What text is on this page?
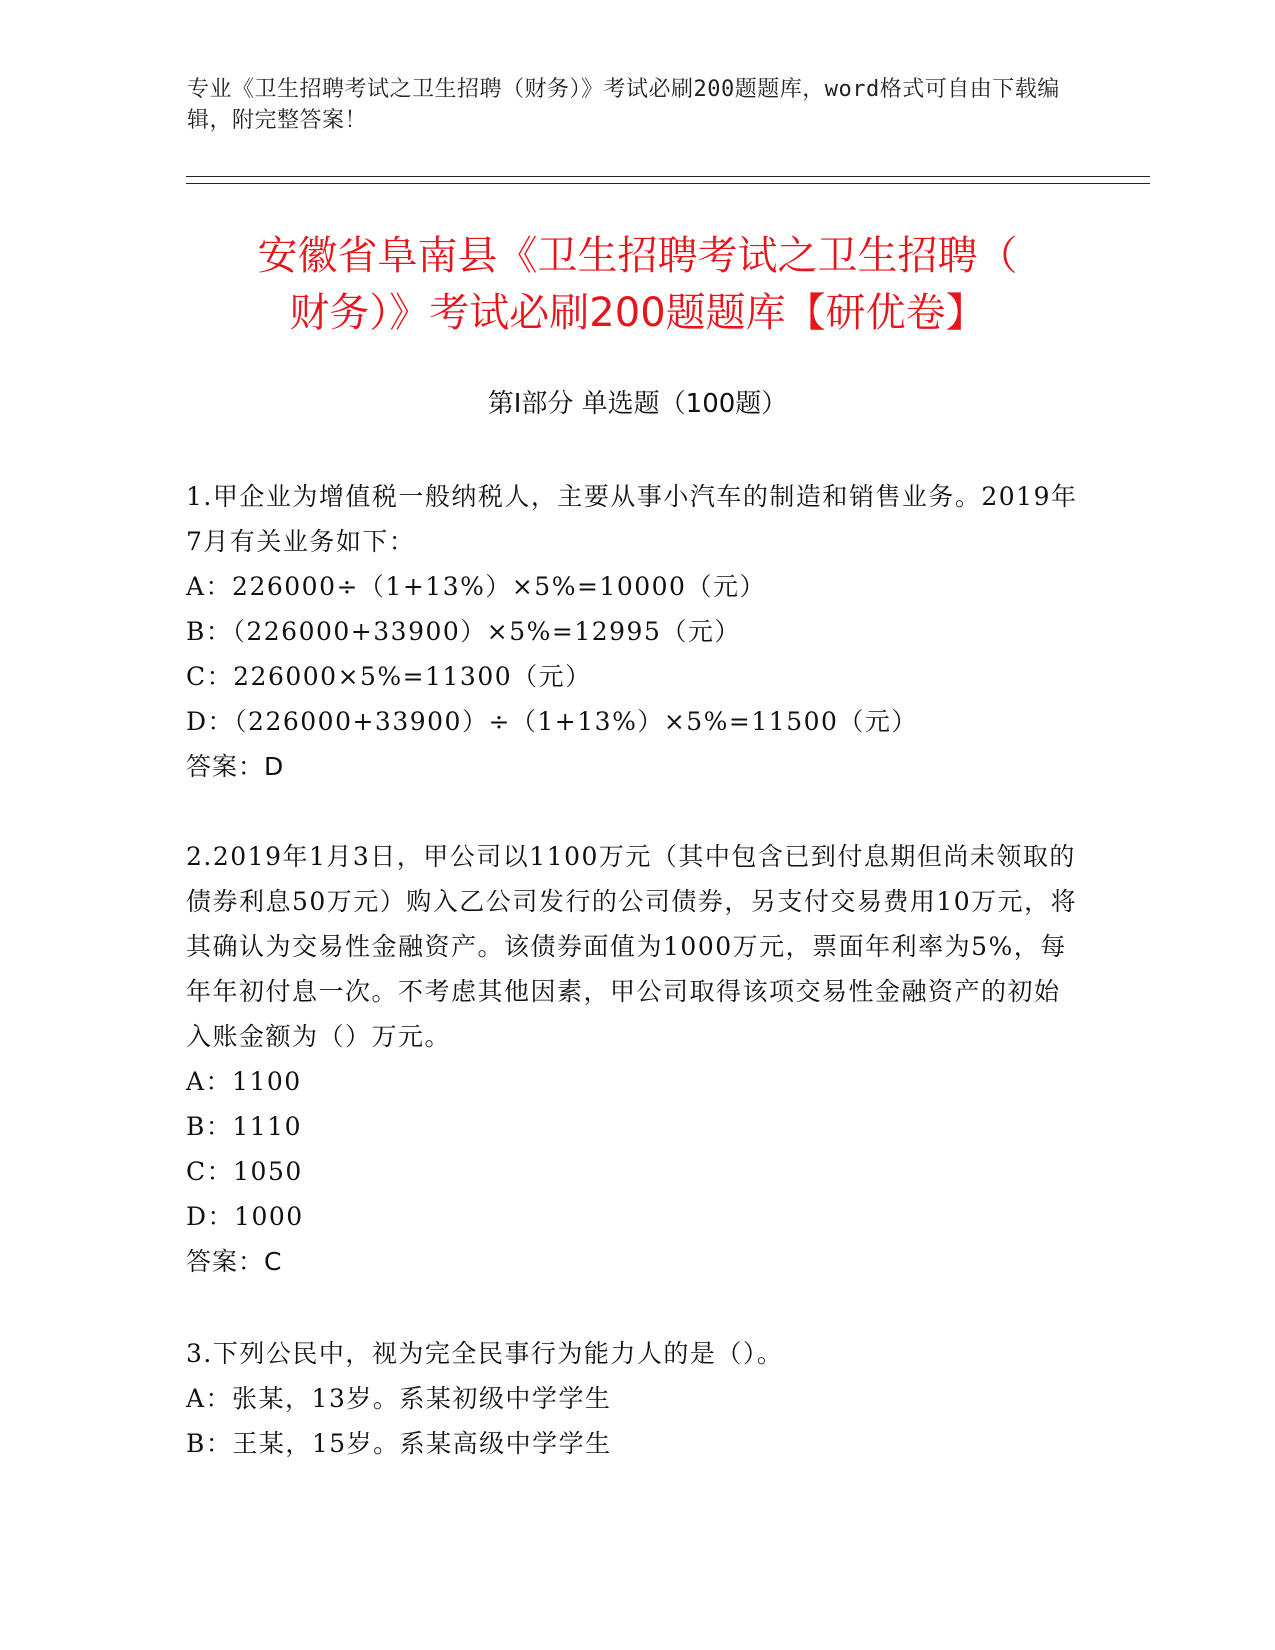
专业《卫生招聘考试之卫生招聘（财务）》考试必刷200题题库，word格式可自由下载编辑，附完整答案！

安徽省阜南县《卫生招聘考试之卫生招聘（
财务）》考试必刷200题题库【研优卷】
第I部分 单选题（100题）

1.甲企业为增值税一般纳税人，主要从事小汽车的制造和销售业务。2019年7月有关业务如下：

A：226000÷（1+13%）×5%=10000（元）

B：（226000+33900）×5%=12995（元）

C：226000×5%=11300（元）

D：（226000+33900）÷（1+13%）×5%=11500（元）

答案：D

2.2019年1月3日，甲公司以1100万元（其中包含已到付息期但尚未领取的债券利息50万元）购入乙公司发行的公司债券，另支付交易费用10万元，将其确认为交易性金融资产。该债券面值为1000万元，票面年利率为5%，每年年初付息一次。不考虑其他因素，甲公司取得该项交易性金融资产的初始入账金额为（）万元。

A：1100

B：1110

C：1050

D：1000

答案：C

3.下列公民中，视为完全民事行为能力人的是（）。

A：张某，13岁。系某初级中学学生

B：王某，15岁。系某高级中学学生
